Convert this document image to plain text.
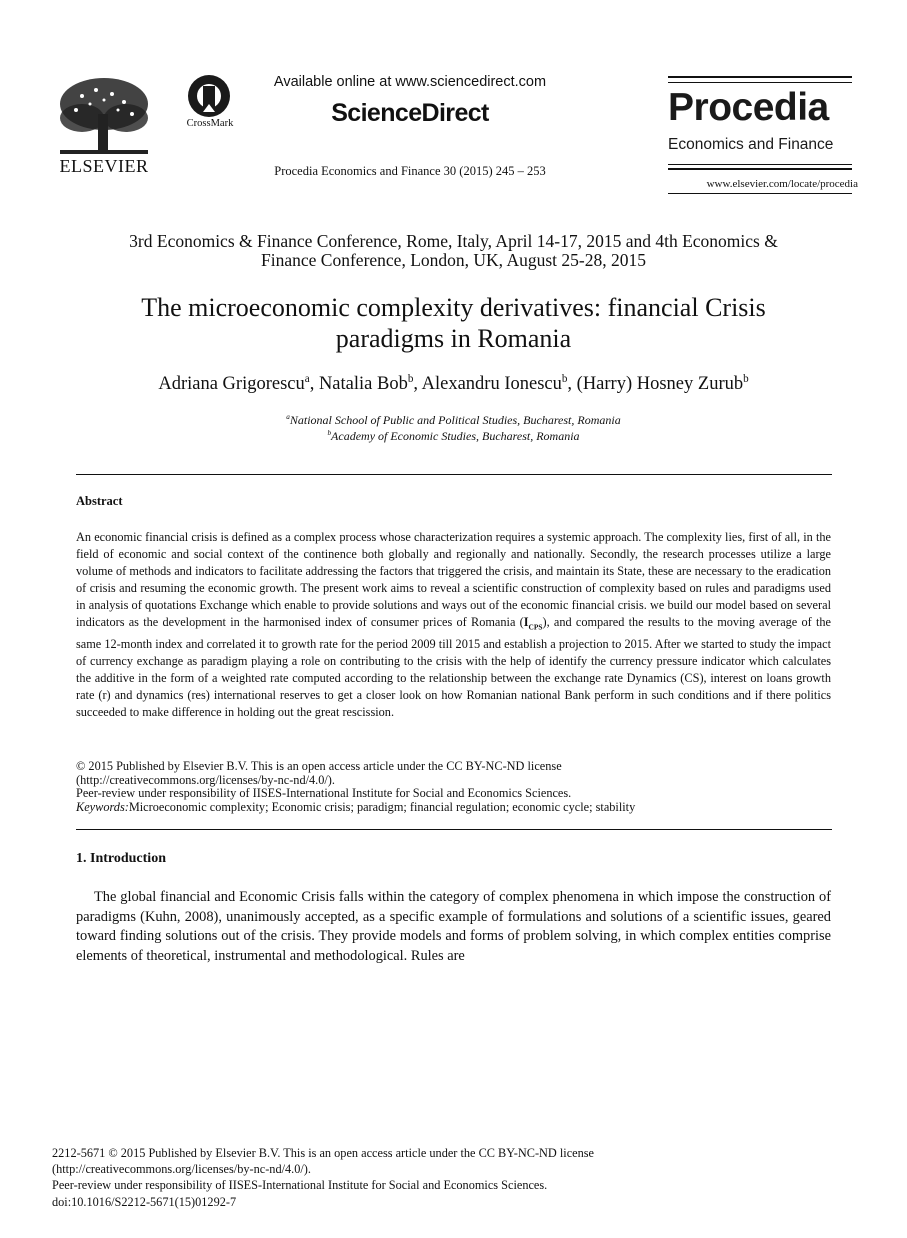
ELSEVIER
CrossMark
Available online at www.sciencedirect.com
ScienceDirect
Procedia Economics and Finance 30 (2015) 245 – 253
Procedia
Economics and Finance
www.elsevier.com/locate/procedia
3rd Economics & Finance Conference, Rome, Italy, April 14-17, 2015 and 4th Economics &
Finance Conference, London, UK, August 25-28, 2015
The microeconomic complexity derivatives: financial Crisis
paradigms in Romania
Adriana Grigorescu$^a$, Natalia Bob$^b$, Alexandru Ionescu$^b$, (Harry) Hosney Zurub$^b$
$^a$National School of Public and Political Studies, Bucharest, Romania
$^b$Academy of Economic Studies, Bucharest, Romania
Abstract
An economic financial crisis is defined as a complex process whose characterization requires a systemic approach. The complexity lies, first of all, in the field of economic and social context of the continence both globally and regionally and nationally. Secondly, the research processes utilize a large volume of methods and indicators to facilitate addressing the factors that triggered the crisis, and maintain its State, these are necessary to the eradication of crisis and resuming the economic growth. The present work aims to reveal a scientific construction of complexity based on rules and paradigms used in analysis of quotations Exchange which enable to provide solutions and ways out of the economic financial crisis. we build our model based on several indicators as the development in the harmonised index of consumer prices of Romania $(I_{CPS})$, and compared the results to the moving average of the same 12-month index and correlated it to growth rate for the period 2009 till 2015 and establish a projection to 2015. After we started to study the impact of currency exchange as paradigm playing a role on contributing to the crisis with the help of identify the currency pressure indicator which calculates the additive in the form of a weighted rate computed according to the relationship between the exchange rate Dynamics (CS), interest on loans growth rate (r) and dynamics (res) international reserves to get a closer look on how Romanian national Bank perform in such conditions and if there politics succeeded to make difference in holding out the great rescission.
© 2015 Published by Elsevier B.V. This is an open access article under the CC BY-NC-ND license
(http://creativecommons.org/licenses/by-nc-nd/4.0/).
Peer-review under responsibility of IISES-International Institute for Social and Economics Sciences.
Keywords:Microeconomic complexity; Economic crisis; paradigm; financial regulation; economic cycle; stability
1. Introduction
The global financial and Economic Crisis falls within the category of complex phenomena in which impose the construction of paradigms (Kuhn, 2008), unanimously accepted, as a specific example of formulations and solutions of a scientific issues, geared toward finding solutions out of the crisis. They provide models and forms of problem solving, in which complex entities comprise elements of theoretical, instrumental and methodological. Rules are
2212-5671 © 2015 Published by Elsevier B.V. This is an open access article under the CC BY-NC-ND license
(http://creativecommons.org/licenses/by-nc-nd/4.0/).
Peer-review under responsibility of IISES-International Institute for Social and Economics Sciences.
doi:10.1016/S2212-5671(15)01292-7
